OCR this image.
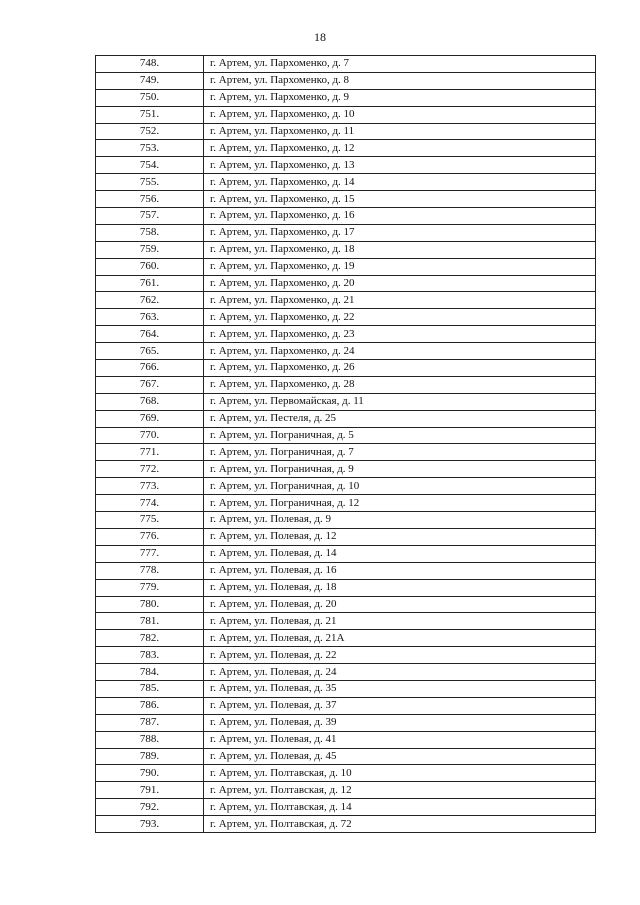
18
748.	г. Артем, ул. Пархоменко, д. 7
749.	г. Артем, ул. Пархоменко, д. 8
750.	г. Артем, ул. Пархоменко, д. 9
751.	г. Артем, ул. Пархоменко, д. 10
752.	г. Артем, ул. Пархоменко, д. 11
753.	г. Артем, ул. Пархоменко, д. 12
754.	г. Артем, ул. Пархоменко, д. 13
755.	г. Артем, ул. Пархоменко, д. 14
756.	г. Артем, ул. Пархоменко, д. 15
757.	г. Артем, ул. Пархоменко, д. 16
758.	г. Артем, ул. Пархоменко, д. 17
759.	г. Артем, ул. Пархоменко, д. 18
760.	г. Артем, ул. Пархоменко, д. 19
761.	г. Артем, ул. Пархоменко, д. 20
762.	г. Артем, ул. Пархоменко, д. 21
763.	г. Артем, ул. Пархоменко, д. 22
764.	г. Артем, ул. Пархоменко, д. 23
765.	г. Артем, ул. Пархоменко, д. 24
766.	г. Артем, ул. Пархоменко, д. 26
767.	г. Артем, ул. Пархоменко, д. 28
768.	г. Артем, ул. Первомайская, д. 11
769.	г. Артем, ул. Пестеля, д. 25
770.	г. Артем, ул. Пограничная, д. 5
771.	г. Артем, ул. Пограничная, д. 7
772.	г. Артем, ул. Пограничная, д. 9
773.	г. Артем, ул. Пограничная, д. 10
774.	г. Артем, ул. Пограничная, д. 12
775.	г. Артем, ул. Полевая, д. 9
776.	г. Артем, ул. Полевая, д. 12
777.	г. Артем, ул. Полевая, д. 14
778.	г. Артем, ул. Полевая, д. 16
779.	г. Артем, ул. Полевая, д. 18
780.	г. Артем, ул. Полевая, д. 20
781.	г. Артем, ул. Полевая, д. 21
782.	г. Артем, ул. Полевая, д. 21А
783.	г. Артем, ул. Полевая, д. 22
784.	г. Артем, ул. Полевая, д. 24
785.	г. Артем, ул. Полевая, д. 35
786.	г. Артем, ул. Полевая, д. 37
787.	г. Артем, ул. Полевая, д. 39
788.	г. Артем, ул. Полевая, д. 41
789.	г. Артем, ул. Полевая, д. 45
790.	г. Артем, ул. Полтавская, д. 10
791.	г. Артем, ул. Полтавская, д. 12
792.	г. Артем, ул. Полтавская, д. 14
793.	г. Артем, ул. Полтавская, д. 72
